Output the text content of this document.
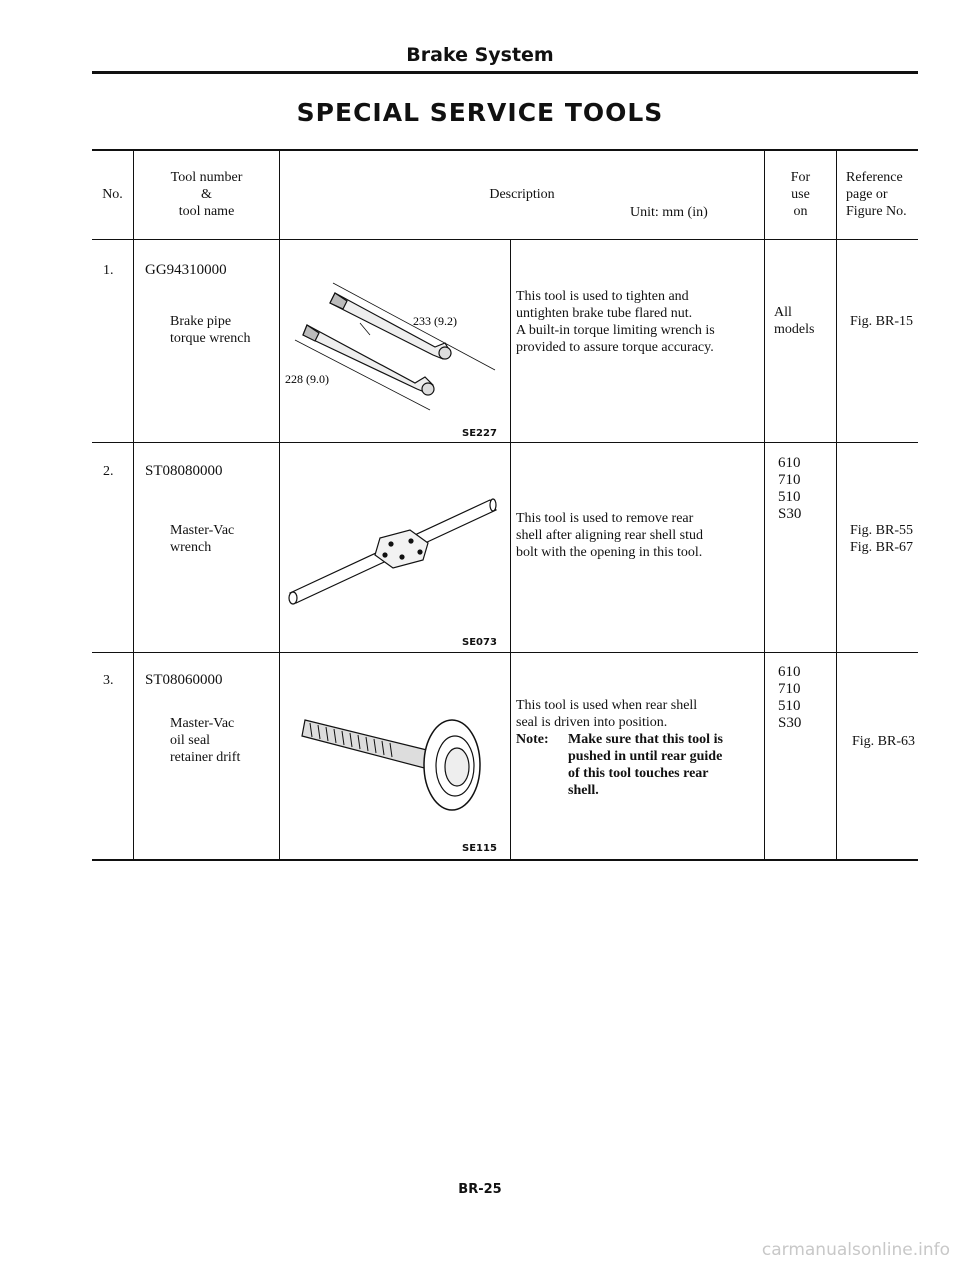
Brake System
SPECIAL SERVICE TOOLS
No.
Tool number
&
tool name
Description
Unit: mm (in)
For
use
on
Reference
page or
Figure No.
1. GG94310000
Brake pipe
torque wrench
233 (9.2)
228 (9.0)
SE227
This tool is used to tighten and
untighten brake tube flared nut.
A built-in torque limiting wrench is
provided to assure torque accuracy.
All
models
Fig. BR-15
2. ST08080000
Master-Vac
wrench
SE073
This tool is used to remove rear
shell after aligning rear shell stud
bolt with the opening in this tool.
610
710
510
S30
Fig. BR-55
Fig. BR-67
3. ST08060000
Master-Vac
oil seal
retainer drift
SE115
This tool is used when rear shell
seal is driven into position.
Note: Make sure that this tool is
pushed in until rear guide
of this tool touches rear
shell.
610
710
510
S30
Fig. BR-63
BR-25
carmanualsonline.info
